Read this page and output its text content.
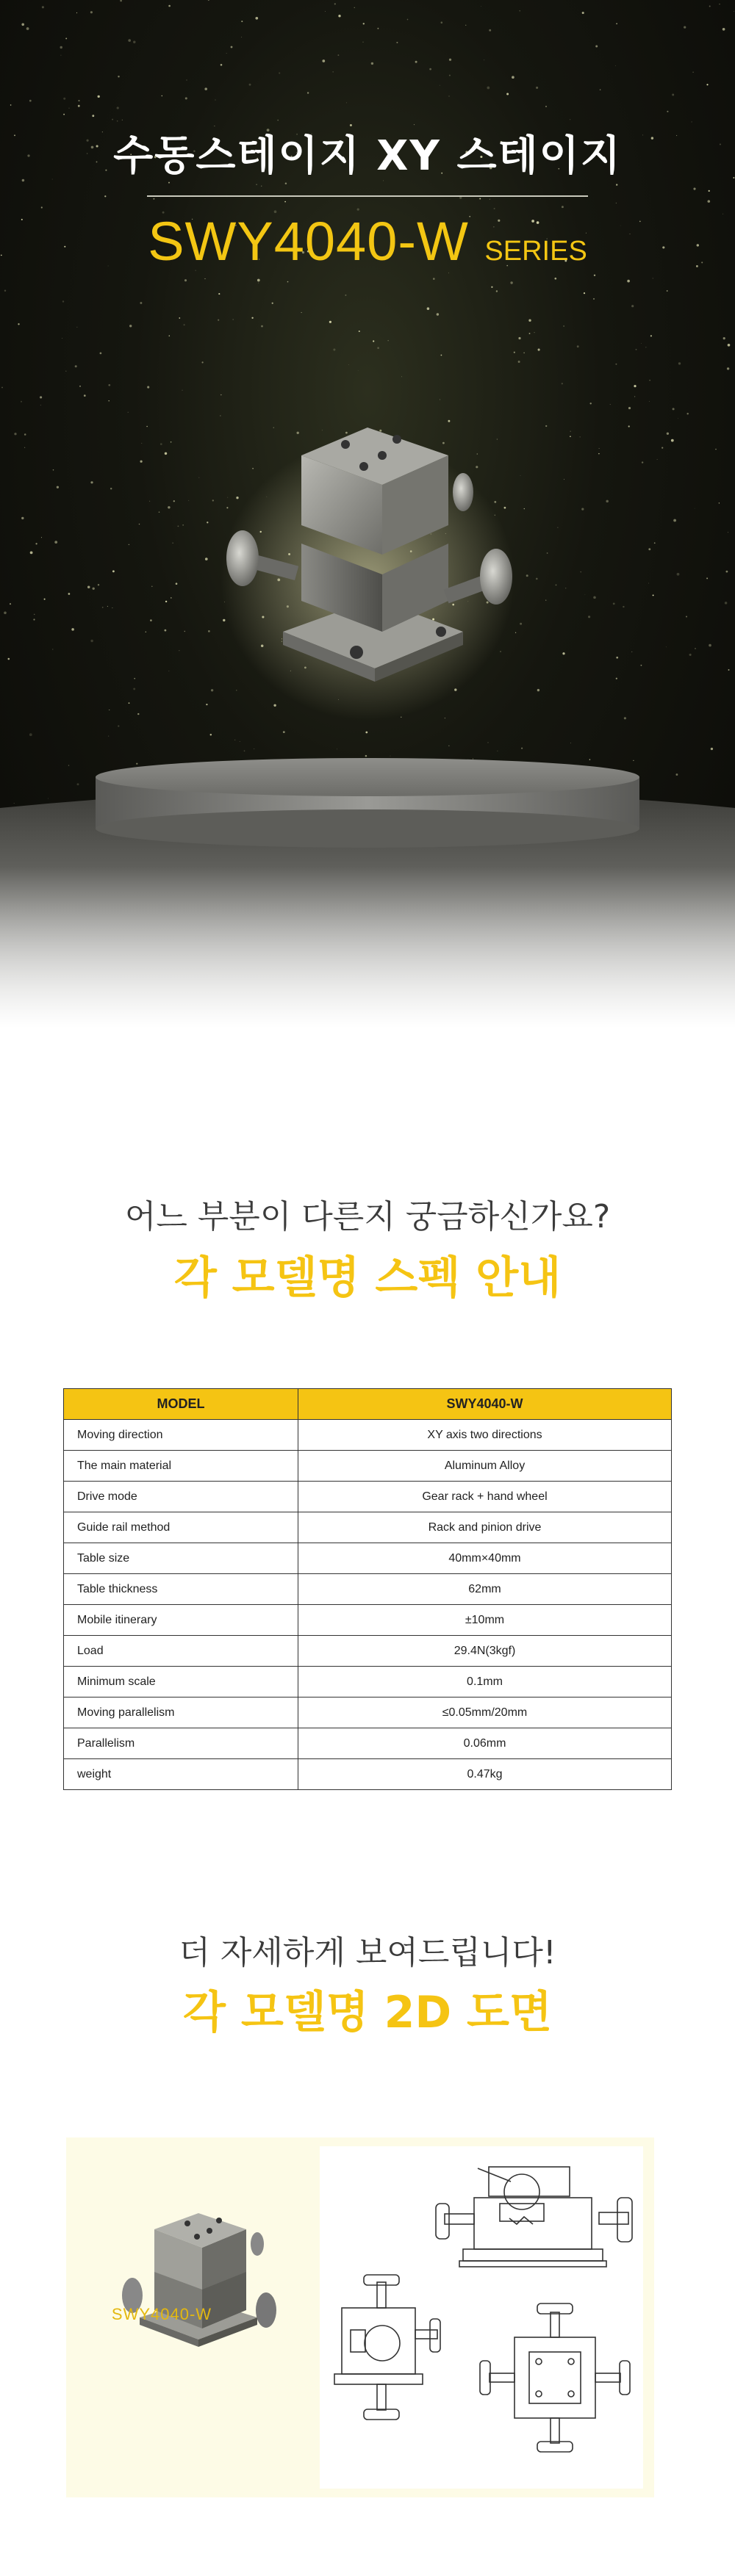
수동스테이지 XY 스테이지
SWY4040-W SERIES
어느 부분이 다른지 궁금하신가요?
각 모델명 스펙 안내
MODEL	SWY4040-W
Moving direction	XY axis two directions
The main material	Aluminum Alloy
Drive mode	Gear rack + hand wheel
Guide rail method	Rack and pinion drive
Table size	40mm×40mm
Table thickness	62mm
Mobile itinerary	±10mm
Load	29.4N(3kgf)
Minimum scale	0.1mm
Moving parallelism	≤0.05mm/20mm
Parallelism	0.06mm
weight	0.47kg
더 자세하게 보여드립니다!
각 모델명 2D 도면
SWY4040-W
